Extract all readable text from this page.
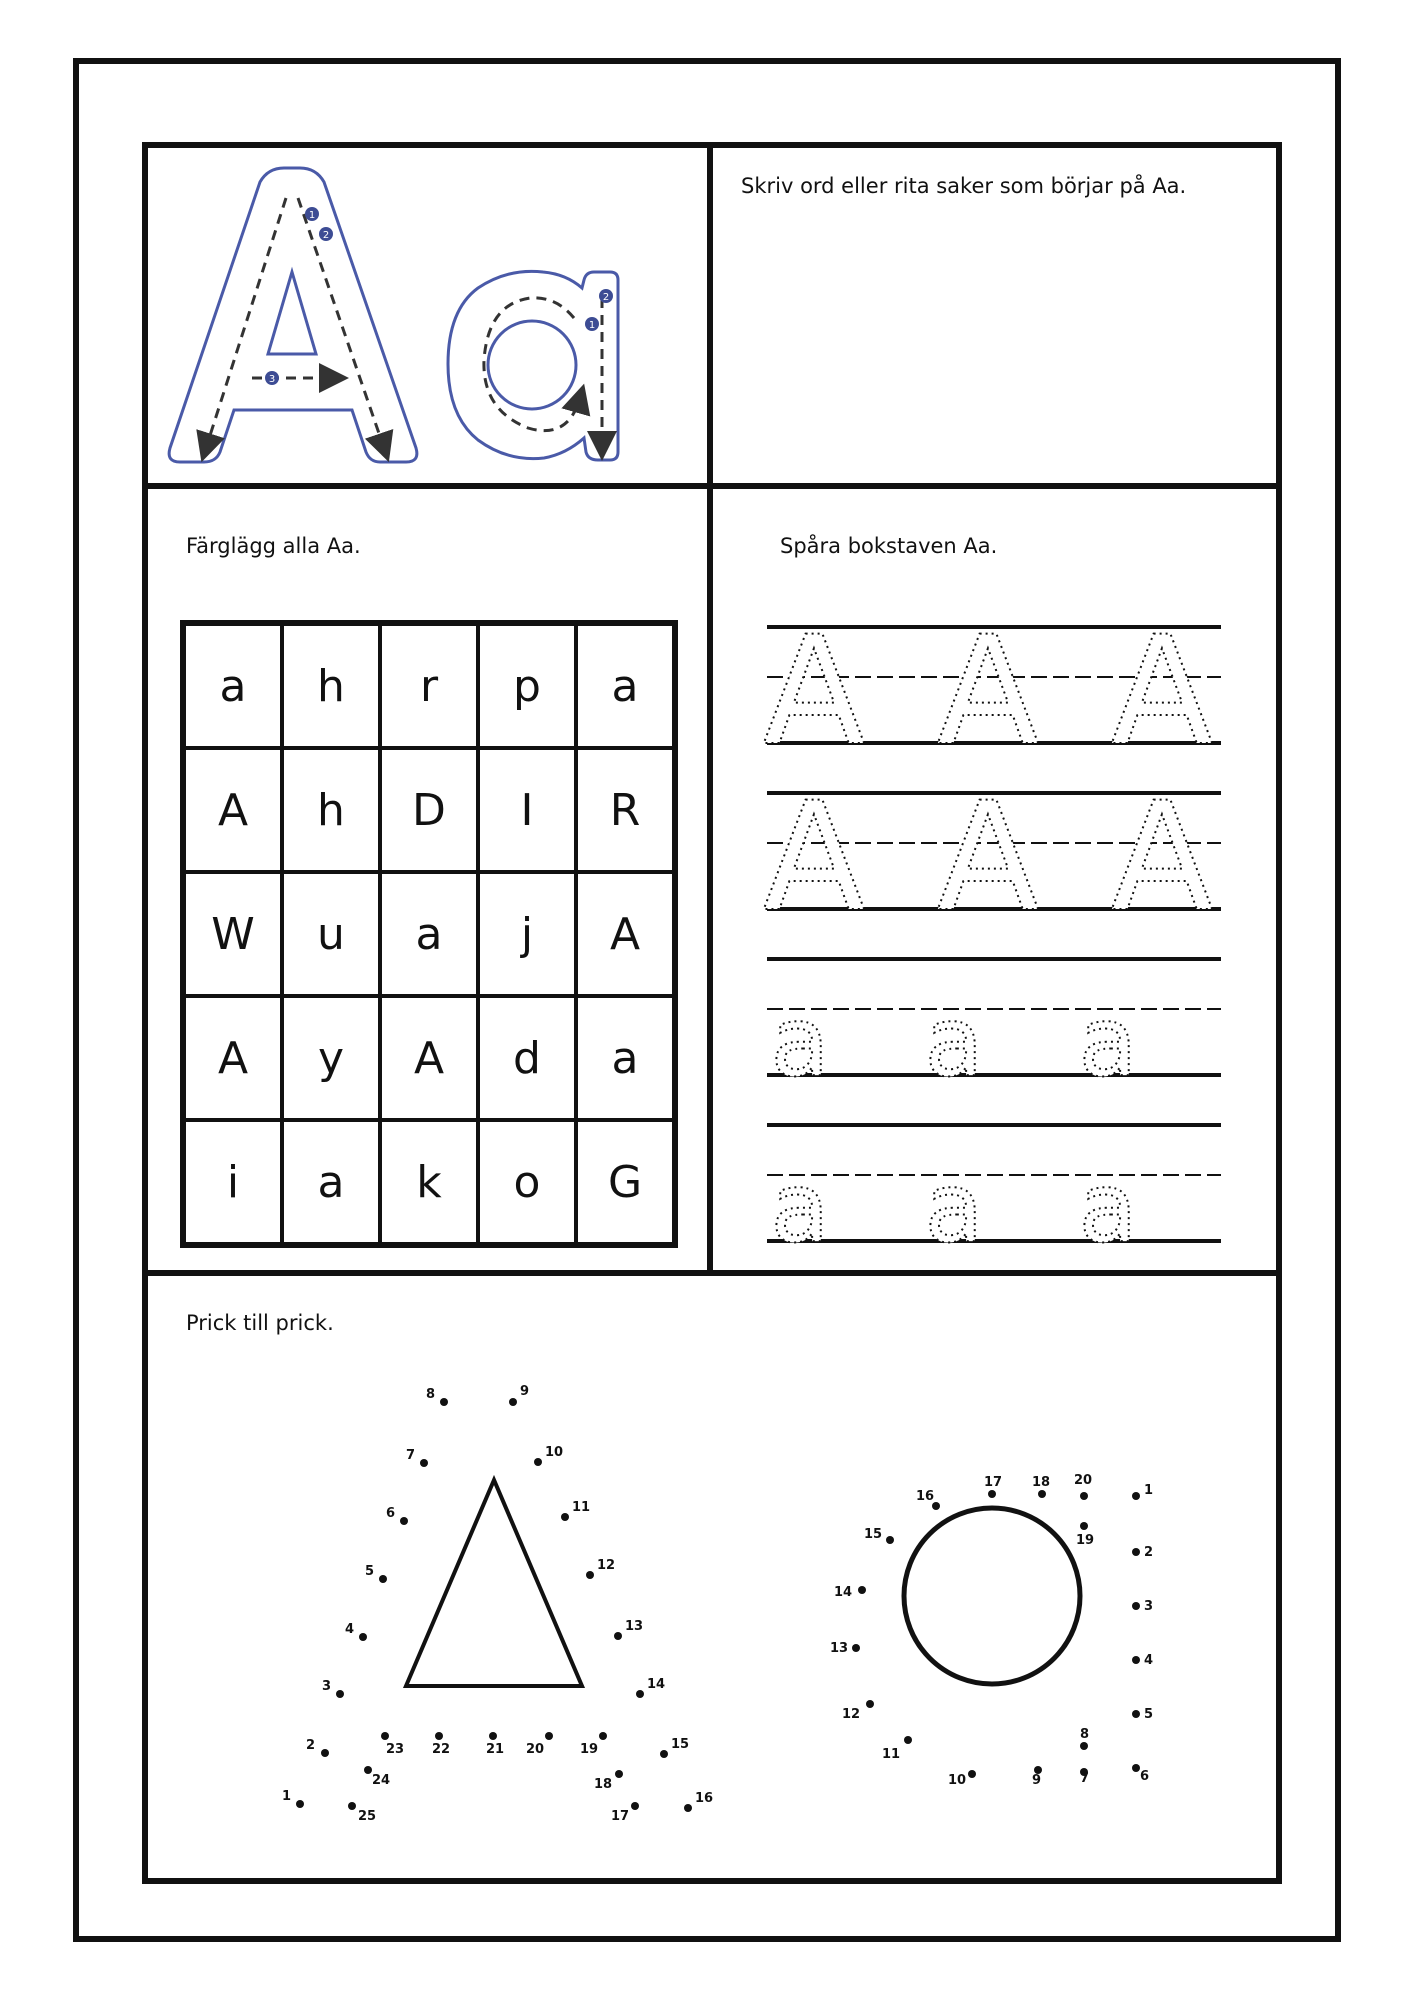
1
2
3
1
2
Skriv ord eller rita saker som börjar på Aa.
Färglägg alla Aa.
a	h	r	p	a
A	h	D	I	R
W	u	a	j	A
A	y	A	d	a
i	a	k	o	G
Spåra bokstaven Aa.
A A A
A A A
a a a
a a a
Prick till prick.
1
2
3
4
5
6
7
8	9
10
11
12
13
14
15
16
17
18
19
20
21
22
23
24
25
1
2
3
4
5
6
7
8
9
10
11
12
13
14
15
16
17 18
19
20
